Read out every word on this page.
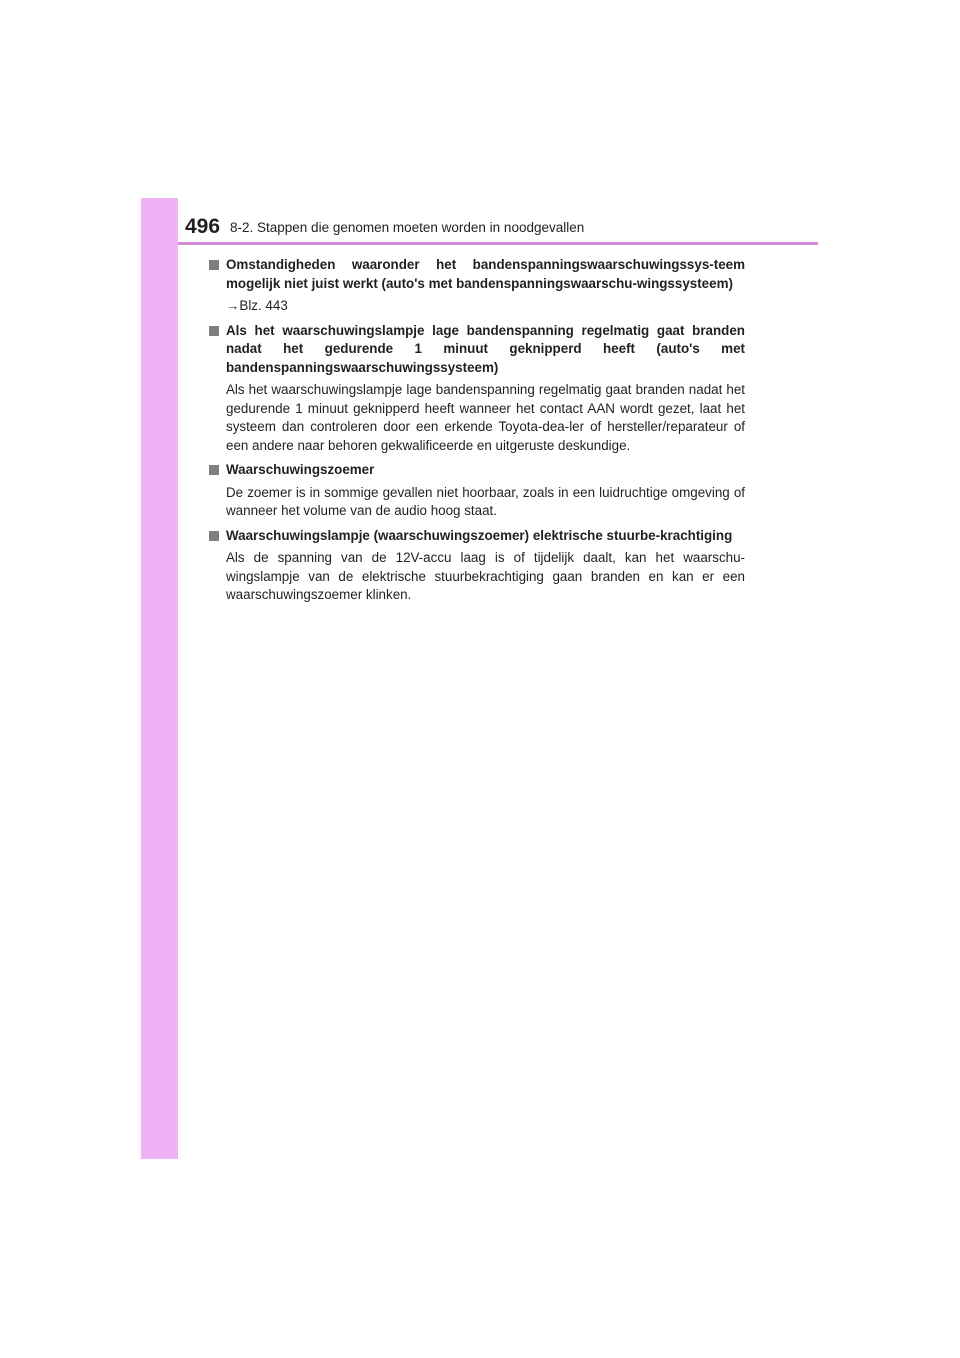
496 8-2. Stappen die genomen moeten worden in noodgevallen

Omstandigheden waaronder het bandenspanningswaarschuwingssys-teem mogelijk niet juist werkt (auto's met bandenspanningswaarschu-wingssysteem)

→Blz. 443

Als het waarschuwingslampje lage bandenspanning regelmatig gaat branden nadat het gedurende 1 minuut geknipperd heeft (auto's met bandenspanningswaarschuwingssysteem)

Als het waarschuwingslampje lage bandenspanning regelmatig gaat branden nadat het gedurende 1 minuut geknipperd heeft wanneer het contact AAN wordt gezet, laat het systeem dan controleren door een erkende Toyota-dea-ler of hersteller/reparateur of een andere naar behoren gekwalificeerde en uitgeruste deskundige.

Waarschuwingszoemer

De zoemer is in sommige gevallen niet hoorbaar, zoals in een luidruchtige omgeving of wanneer het volume van de audio hoog staat.

Waarschuwingslampje (waarschuwingszoemer) elektrische stuurbe-krachtiging

Als de spanning van de 12V-accu laag is of tijdelijk daalt, kan het waarschu-wingslampje van de elektrische stuurbekrachtiging gaan branden en kan er een waarschuwingszoemer klinken.
